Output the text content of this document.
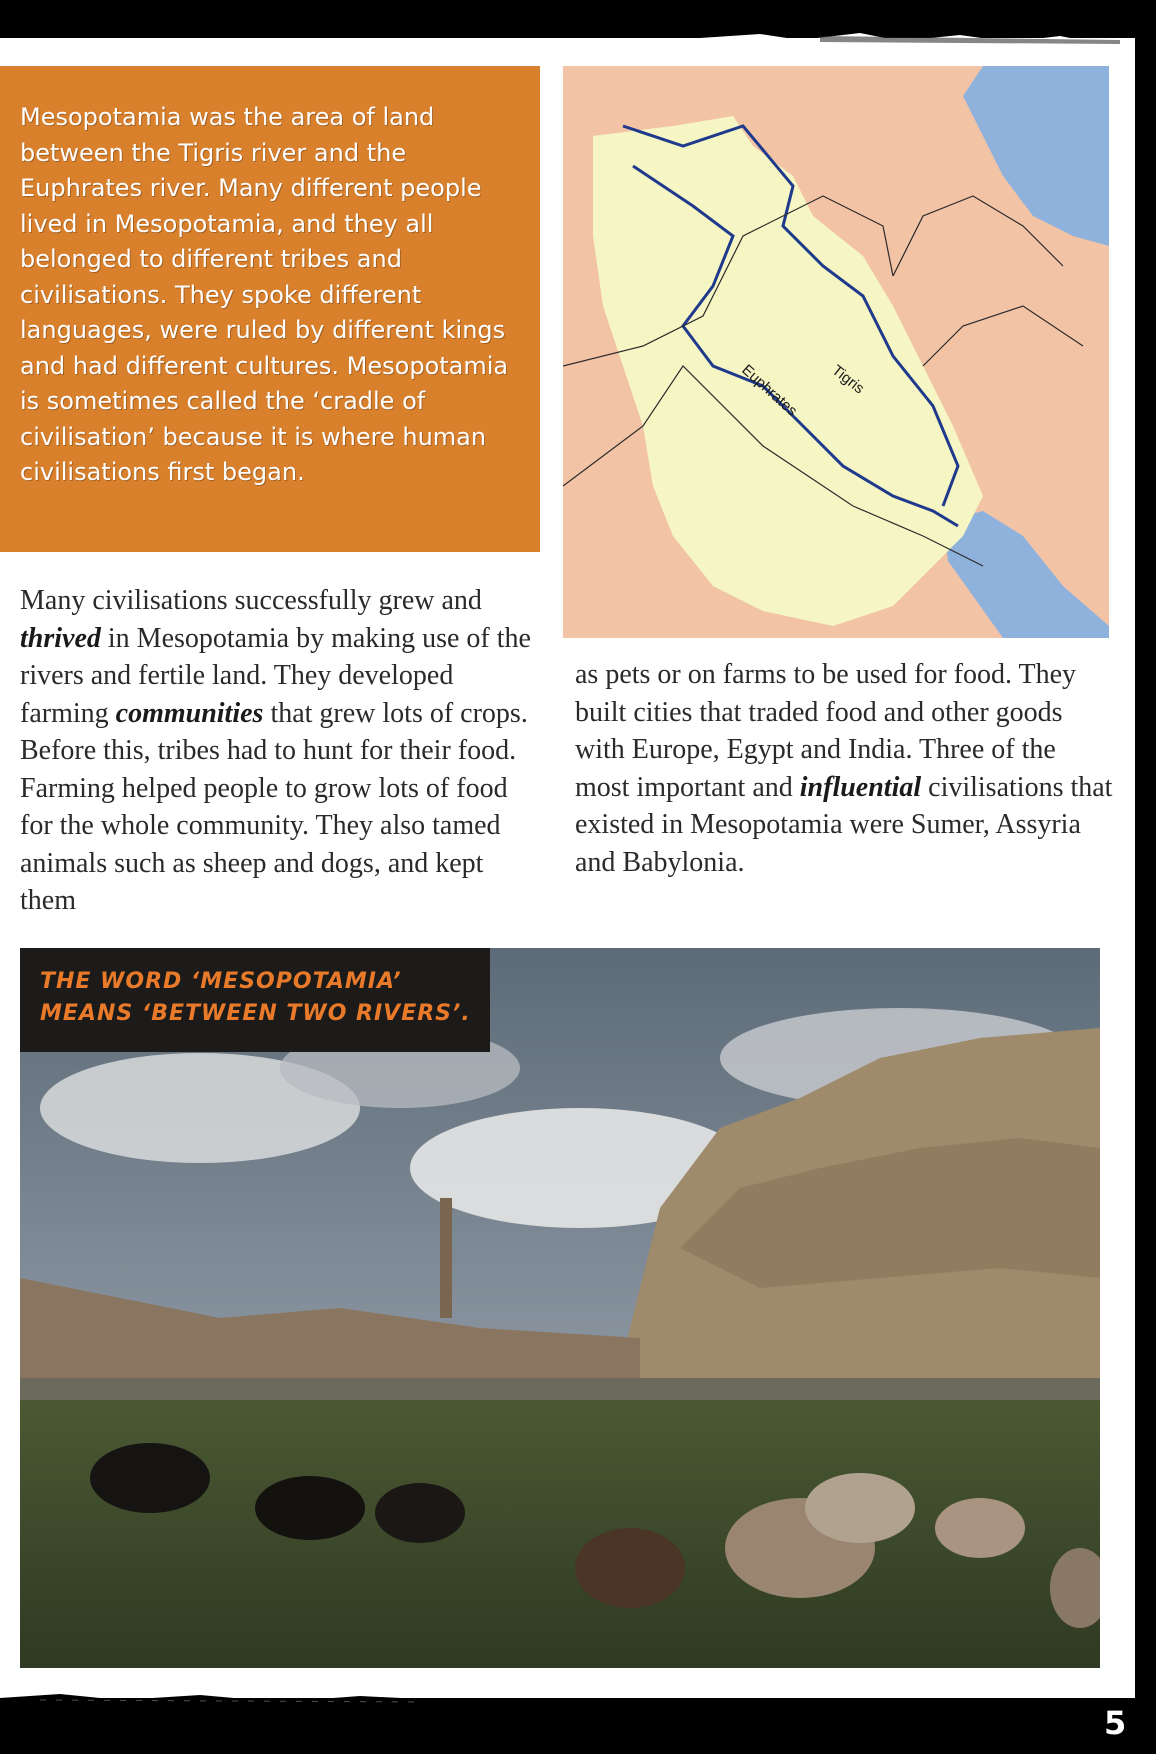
Mesopotamia was the area of land between the Tigris river and the Euphrates river. Many different people lived in Mesopotamia, and they all belonged to different tribes and civilisations. They spoke different languages, were ruled by different kings and had different cultures. Mesopotamia is sometimes called the ‘cradle of civilisation’ because it is where human civilisations first began.

Tigris
Euphrates

Many civilisations successfully grew and thrived in Mesopotamia by making use of the rivers and fertile land. They developed farming communities that grew lots of crops. Before this, tribes had to hunt for their food. Farming helped people to grow lots of food for the whole community. They also tamed animals such as sheep and dogs, and kept them

as pets or on farms to be used for food. They built cities that traded food and other goods with Europe, Egypt and India. Three of the most important and influential civilisations that existed in Mesopotamia were Sumer, Assyria and Babylonia.

THE WORD ‘MESOPOTAMIA’
MEANS ‘BETWEEN TWO RIVERS’.
5
